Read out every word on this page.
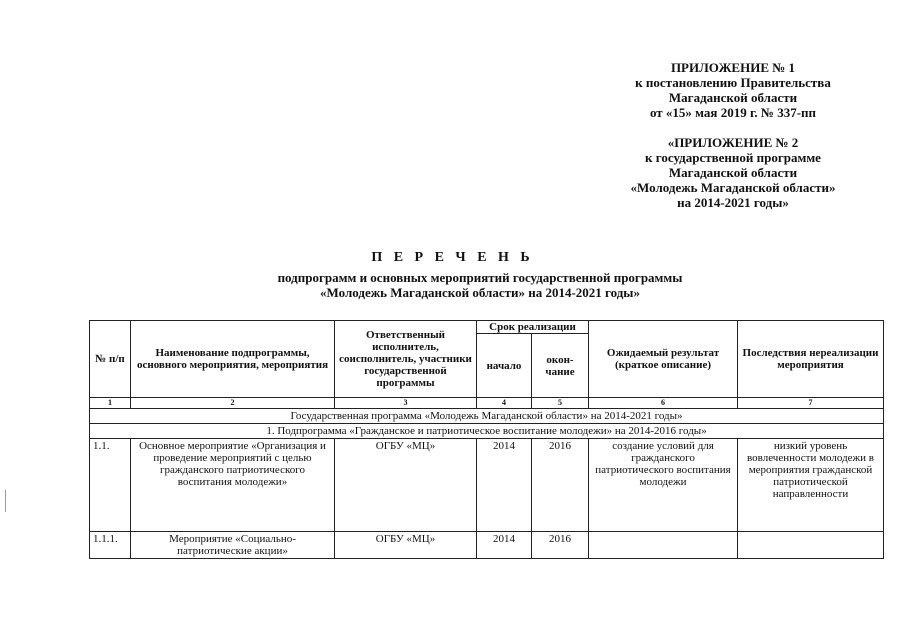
ПРИЛОЖЕНИЕ № 1
к постановлению Правительства
Магаданской области
от «15» мая 2019 г. № 337-пп
«ПРИЛОЖЕНИЕ № 2
к государственной программе
Магаданской области
«Молодежь Магаданской области»
на 2014-2021 годы»
П Е Р Е Ч Е Н Ь
подпрограмм и основных мероприятий государственной программы
«Молодежь Магаданской области» на 2014-2021 годы»
№ п/п	Наименование подпрограммы, основного мероприятия, мероприятия	Ответственный исполнитель, соисполнитель, участники государственной программы	Срок реализации		Ожидаемый результат (краткое описание)	Последствия нереализации мероприятия
			начало	окон-чание		
1	2	3	4	5	6	7
Государственная программа «Молодежь Магаданской области» на 2014-2021 годы»						
1. Подпрограмма «Гражданское и патриотическое воспитание молодежи» на 2014-2016 годы»						
1.1.	Основное мероприятие «Организация и проведение мероприятий с целью гражданского патриотического воспитания молодежи»	ОГБУ «МЦ»	2014	2016	создание условий для гражданского патриотического воспитания молодежи	низкий уровень вовлеченности молодежи в мероприятия гражданской патриотической направленности
1.1.1.	Мероприятие «Социально-патриотические акции»	ОГБУ «МЦ»	2014	2016		
